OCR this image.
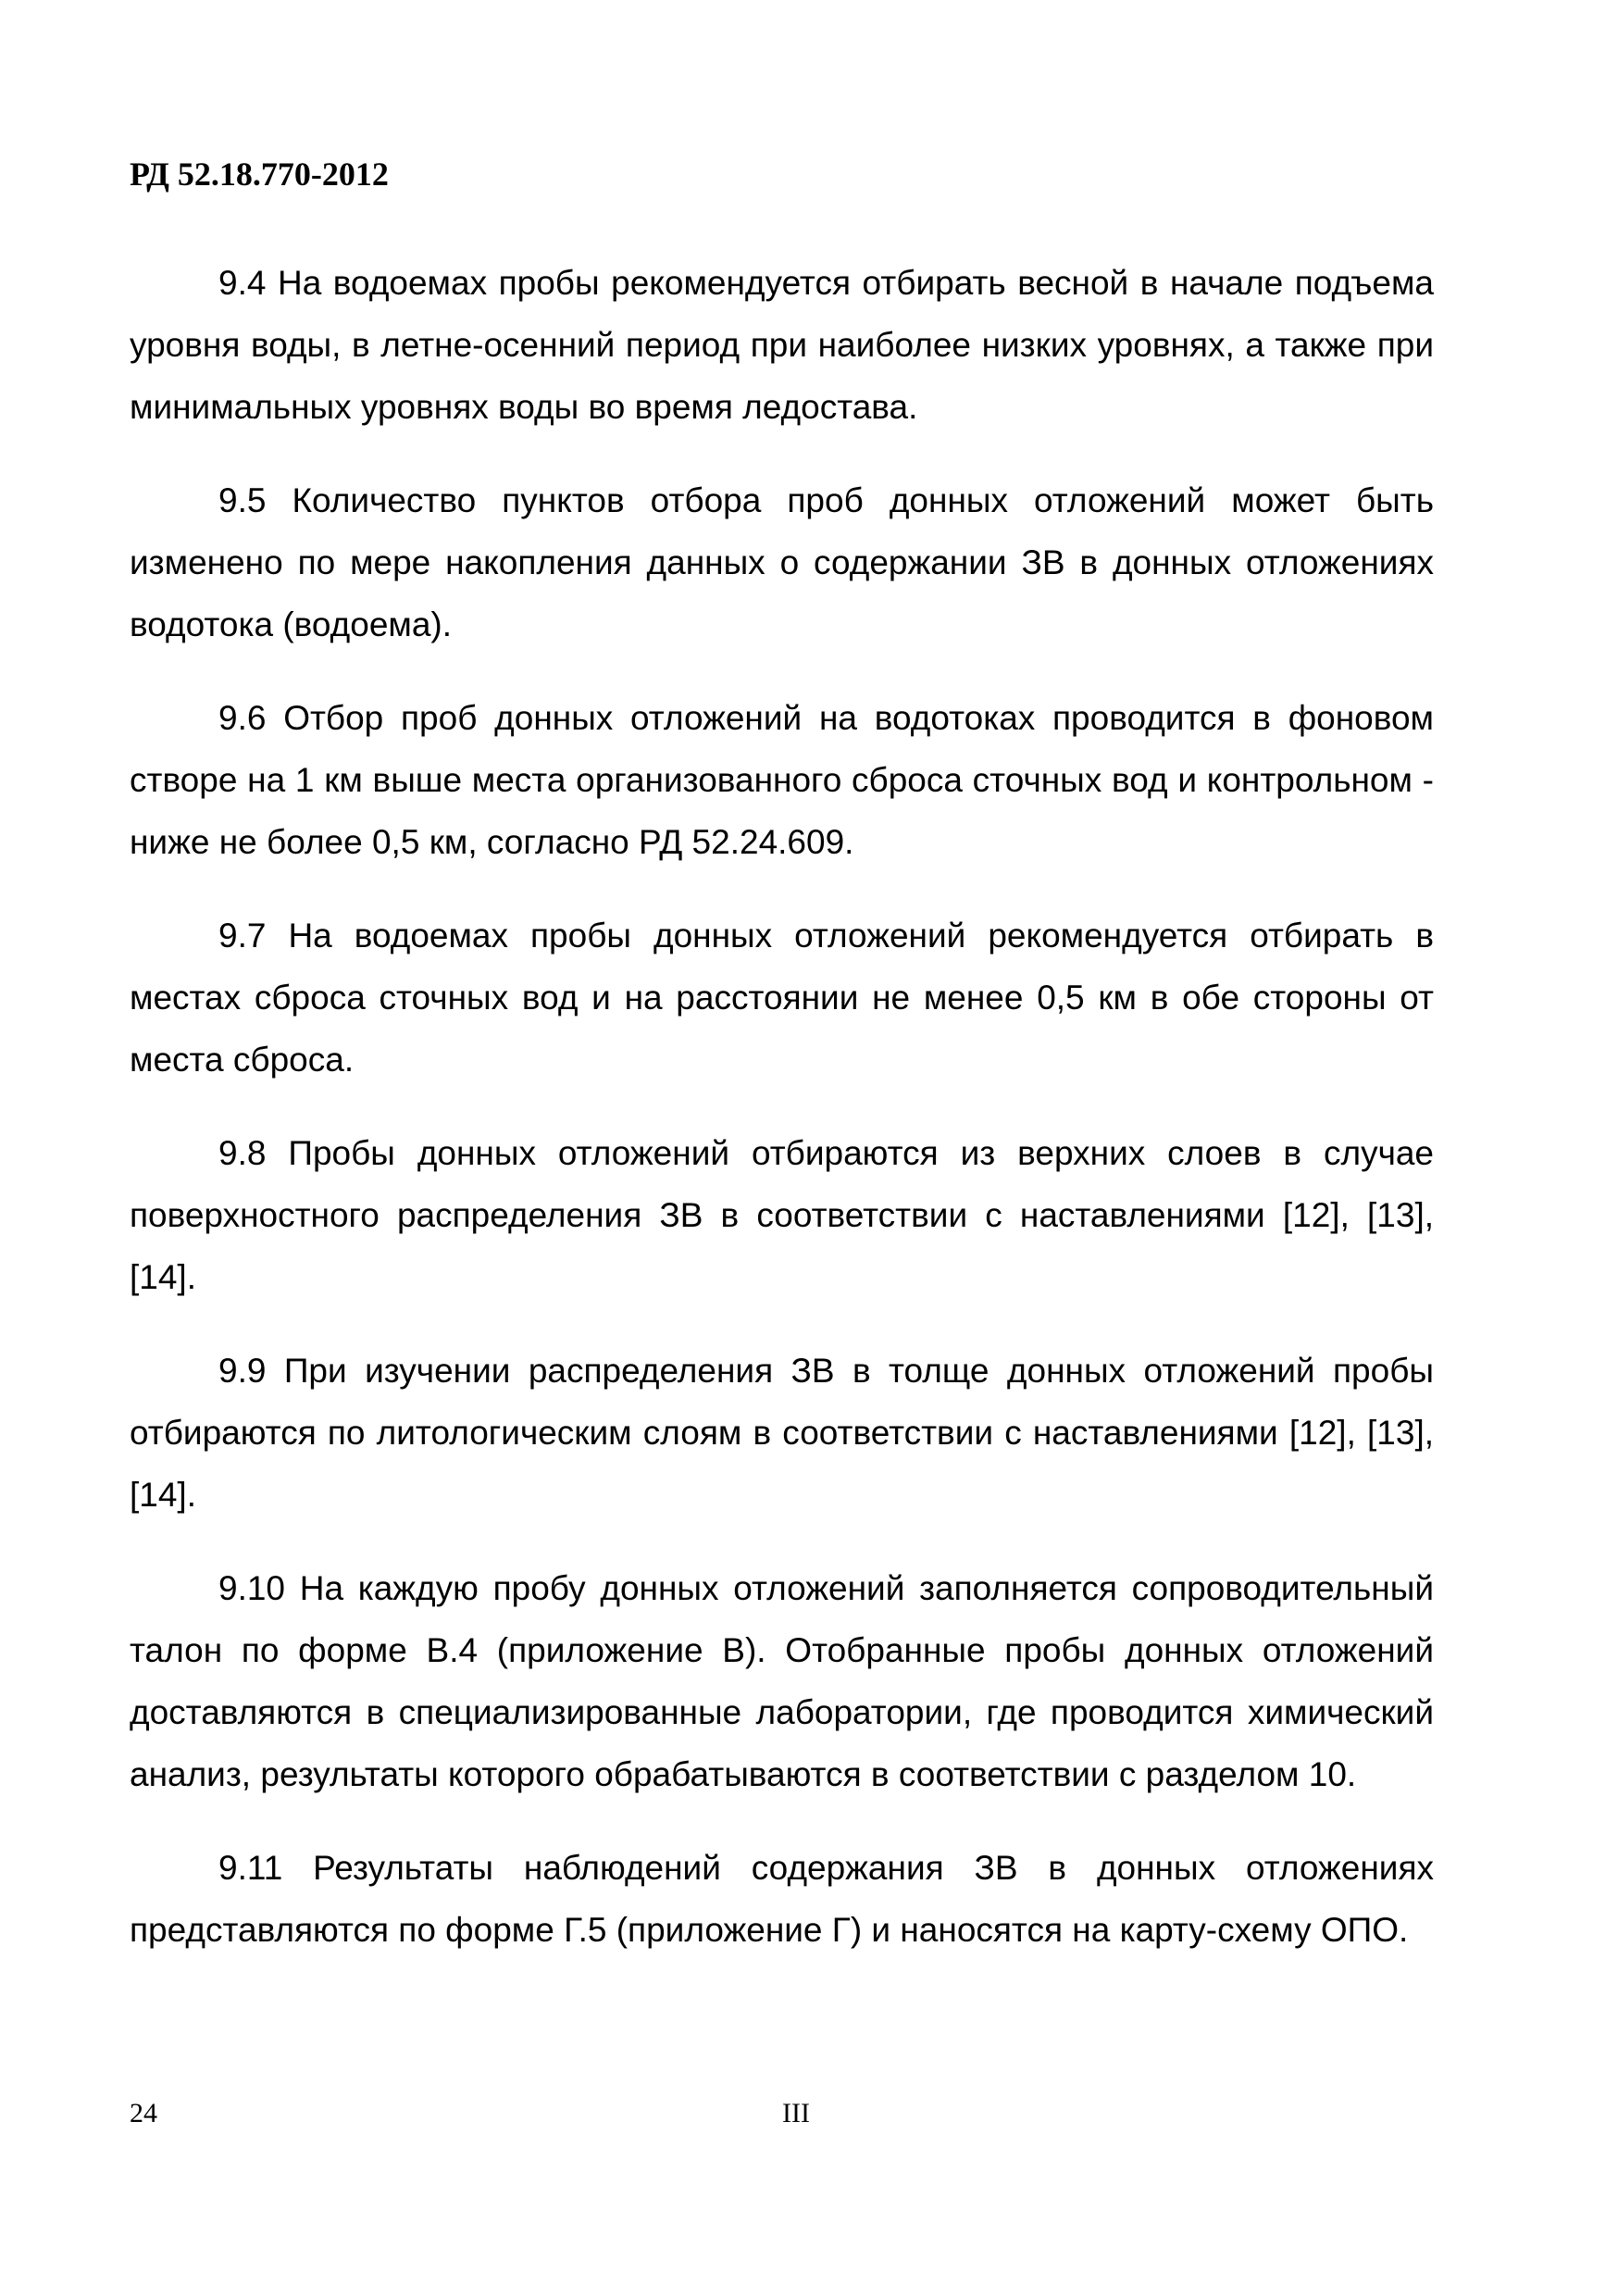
РД 52.18.770-2012

9.4 На водоемах пробы рекомендуется отбирать весной в начале подъема уровня воды, в летне-осенний период при наиболее низких уровнях, а также при минимальных уровнях воды во время ледостава.

9.5 Количество пунктов отбора проб донных отложений может быть изменено по мере накопления данных о содержании ЗВ в донных отложениях водотока (водоема).

9.6 Отбор проб донных отложений на водотоках проводится в фоновом створе на 1 км выше места организованного сброса сточных вод и контрольном - ниже не более 0,5 км, согласно РД 52.24.609.

9.7 На водоемах пробы донных отложений рекомендуется отбирать в местах сброса сточных вод и на расстоянии не менее 0,5 км в обе стороны от места сброса.

9.8 Пробы донных отложений отбираются из верхних слоев в случае поверхностного распределения ЗВ в соответствии с наставлениями [12], [13], [14].

9.9 При изучении распределения ЗВ в толще донных отложений пробы отбираются по литологическим слоям в соответствии с наставлениями [12], [13], [14].

9.10 На каждую пробу донных отложений заполняется сопроводительный талон по форме В.4 (приложение В). Отобранные пробы донных отложений доставляются в специализированные лаборатории, где проводится химический анализ, результаты которого обрабатываются в соответствии с разделом 10.

9.11 Результаты наблюдений содержания ЗВ в донных отложениях представляются по форме Г.5 (приложение Г) и наносятся на карту-схему ОПО.

24	III
